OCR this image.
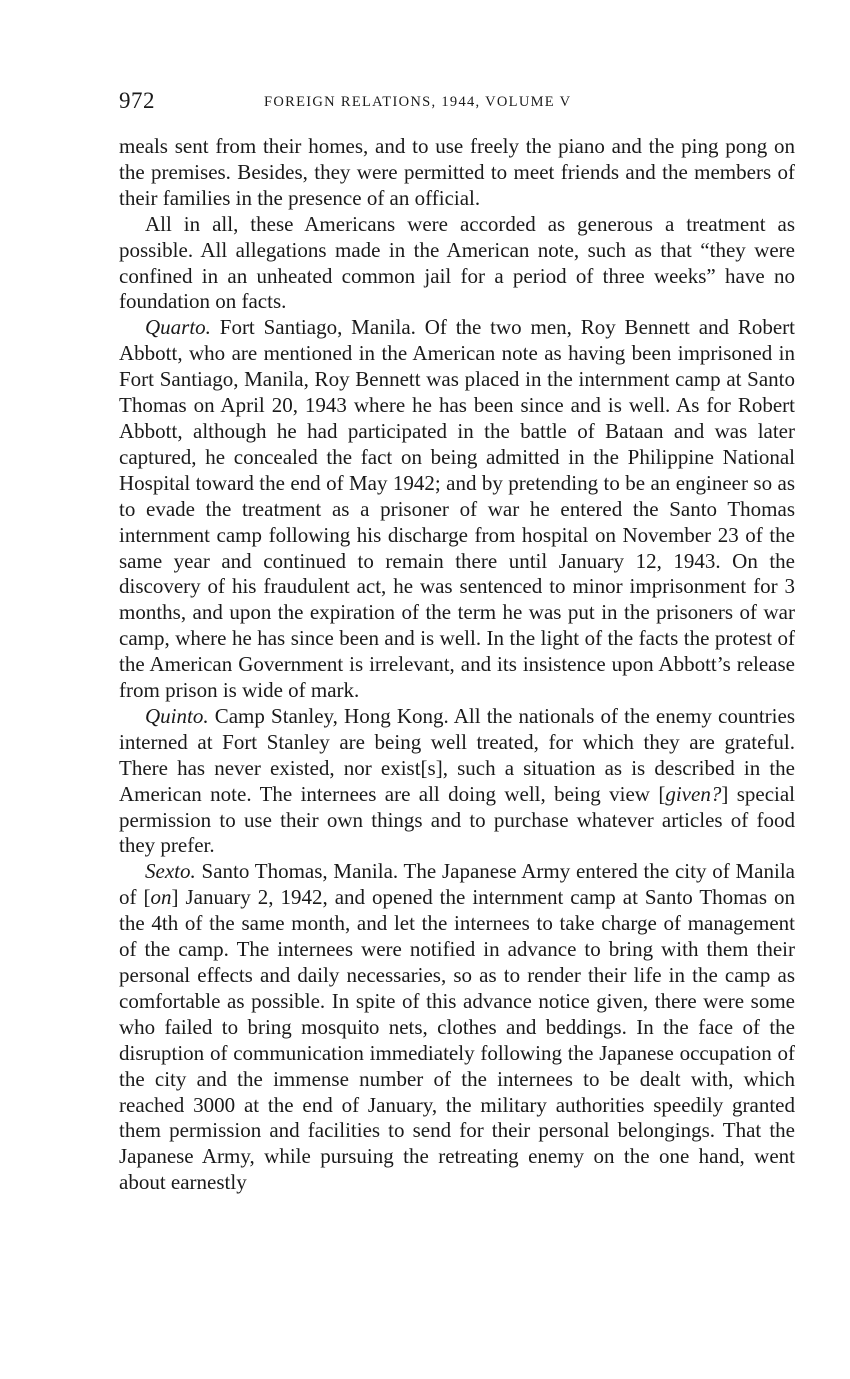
972	FOREIGN RELATIONS, 1944, VOLUME V

meals sent from their homes, and to use freely the piano and the ping pong on the premises. Besides, they were permitted to meet friends and the members of their families in the presence of an official.

All in all, these Americans were accorded as generous a treatment as possible. All allegations made in the American note, such as that “they were confined in an unheated common jail for a period of three weeks” have no foundation on facts.

Quarto. Fort Santiago, Manila. Of the two men, Roy Bennett and Robert Abbott, who are mentioned in the American note as having been imprisoned in Fort Santiago, Manila, Roy Bennett was placed in the internment camp at Santo Thomas on April 20, 1943 where he has been since and is well. As for Robert Abbott, although he had participated in the battle of Bataan and was later captured, he concealed the fact on being admitted in the Philippine National Hospital toward the end of May 1942; and by pretending to be an engineer so as to evade the treatment as a prisoner of war he entered the Santo Thomas internment camp following his discharge from hospital on November 23 of the same year and continued to remain there until January 12, 1943. On the discovery of his fraudulent act, he was sentenced to minor imprisonment for 3 months, and upon the expiration of the term he was put in the prisoners of war camp, where he has since been and is well. In the light of the facts the protest of the American Government is irrelevant, and its insistence upon Abbott’s release from prison is wide of mark.

Quinto. Camp Stanley, Hong Kong. All the nationals of the enemy countries interned at Fort Stanley are being well treated, for which they are grateful. There has never existed, nor exist[s], such a situation as is described in the American note. The internees are all doing well, being view [given?] special permission to use their own things and to purchase whatever articles of food they prefer.

Sexto. Santo Thomas, Manila. The Japanese Army entered the city of Manila of [on] January 2, 1942, and opened the internment camp at Santo Thomas on the 4th of the same month, and let the internees to take charge of management of the camp. The internees were notified in advance to bring with them their personal effects and daily necessaries, so as to render their life in the camp as comfortable as possible. In spite of this advance notice given, there were some who failed to bring mosquito nets, clothes and beddings. In the face of the disruption of communication immediately following the Japanese occupation of the city and the immense number of the internees to be dealt with, which reached 3000 at the end of January, the military authorities speedily granted them permission and facilities to send for their personal belongings. That the Japanese Army, while pursuing the retreating enemy on the one hand, went about earnestly
